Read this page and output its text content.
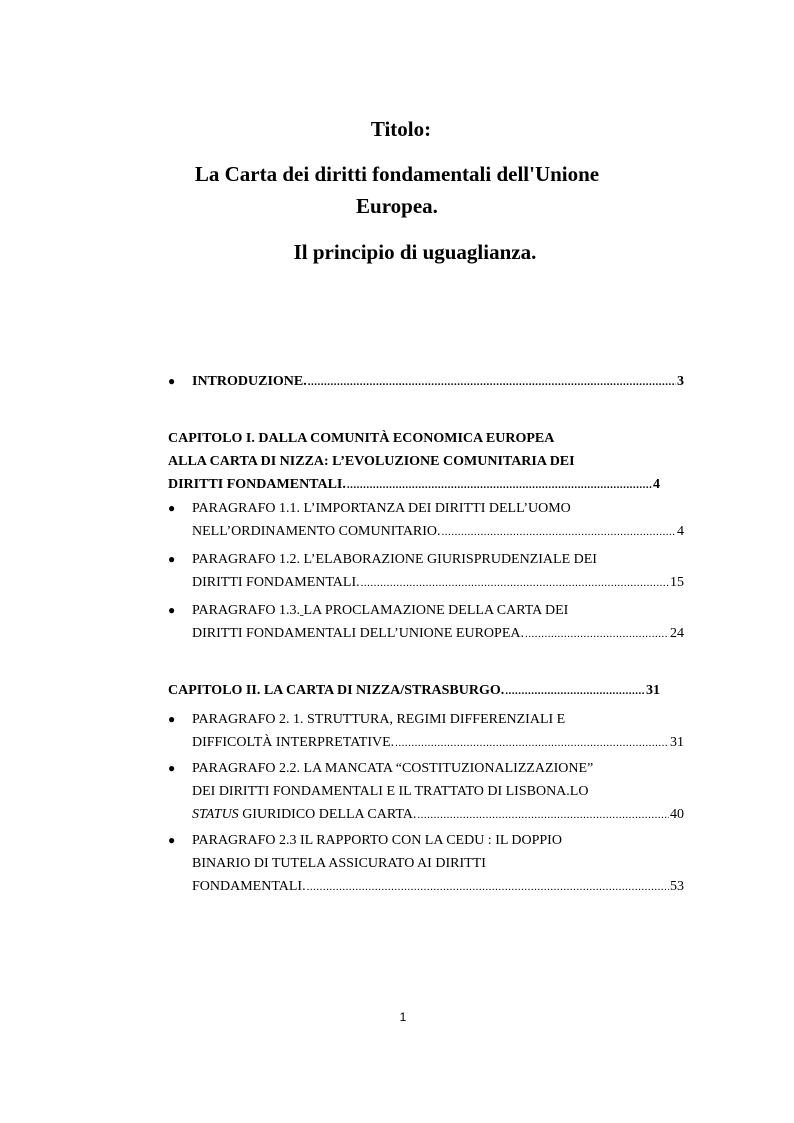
Titolo:
La Carta dei diritti fondamentali dell'Unione
Europea.
Il principio di uguaglianza.
● INTRODUZIONE. .....	3
CAPITOLO I. DALLA COMUNITÀ ECONOMICA EUROPEA
ALLA CARTA DI NIZZA: L’EVOLUZIONE COMUNITARIA DEI
DIRITTI FONDAMENTALI. .....	4
● PARAGRAFO 1.1. L’IMPORTANZA DEI DIRITTI DELL’UOMO
NELL’ORDINAMENTO COMUNITARIO. .....	4
● PARAGRAFO 1.2. L’ELABORAZIONE GIURISPRUDENZIALE DEI
DIRITTI FONDAMENTALI. .....	15
● PARAGRAFO 1.3. LA PROCLAMAZIONE DELLA CARTA DEI
DIRITTI FONDAMENTALI DELL’UNIONE EUROPEA. .....	24
CAPITOLO II. LA CARTA DI NIZZA/STRASBURGO. .....	31
● PARAGRAFO 2. 1. STRUTTURA, REGIMI DIFFERENZIALI E
DIFFICOLTÀ INTERPRETATIVE. .....	31
● PARAGRAFO 2.2. LA MANCATA “COSTITUZIONALIZZAZIONE”
DEI DIRITTI FONDAMENTALI E IL TRATTATO DI LISBONA.LO
STATUS GIURIDICO DELLA CARTA. .....	40
● PARAGRAFO 2.3 IL RAPPORTO CON LA CEDU : IL DOPPIO
BINARIO DI TUTELA ASSICURATO AI DIRITTI
FONDAMENTALI. .....	53
1
